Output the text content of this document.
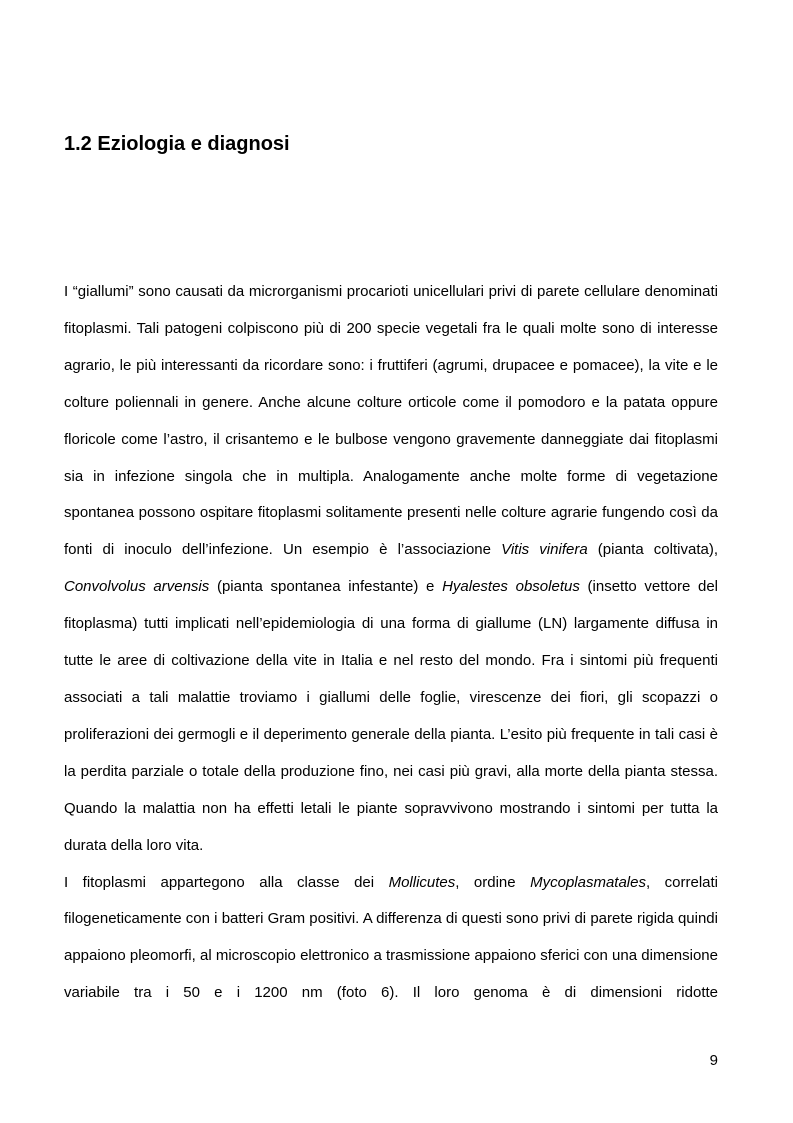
1.2 Eziologia e diagnosi

I “giallumi” sono causati da microrganismi procarioti unicellulari privi di parete cellulare denominati fitoplasmi. Tali patogeni colpiscono più di 200 specie vegetali fra le quali molte sono di interesse agrario, le più interessanti da ricordare sono: i fruttiferi (agrumi, drupacee e pomacee), la vite e le colture poliennali in genere. Anche alcune colture orticole come il pomodoro e la patata oppure floricole come l’astro, il crisantemo e le bulbose vengono gravemente danneggiate dai fitoplasmi sia in infezione singola che in multipla. Analogamente anche molte forme di vegetazione spontanea possono ospitare fitoplasmi solitamente presenti nelle colture agrarie fungendo così da fonti di inoculo dell’infezione. Un esempio è l’associazione Vitis vinifera (pianta coltivata), Convolvolus arvensis (pianta spontanea infestante) e Hyalestes obsoletus (insetto vettore del fitoplasma) tutti implicati nell’epidemiologia di una forma di giallume (LN) largamente diffusa in tutte le aree di coltivazione della vite in Italia e nel resto del mondo. Fra i sintomi più frequenti associati a tali malattie troviamo i giallumi delle foglie, virescenze dei fiori, gli scopazzi o proliferazioni dei germogli e il deperimento generale della pianta. L’esito più frequente in tali casi è la perdita parziale o totale della produzione fino, nei casi più gravi, alla morte della pianta stessa. Quando la malattia non ha effetti letali le piante sopravvivono mostrando i sintomi per tutta la durata della loro vita.

I fitoplasmi appartegono alla classe dei Mollicutes, ordine Mycoplasmatales, correlati filogeneticamente con i batteri Gram positivi. A differenza di questi sono privi di parete rigida quindi appaiono pleomorfi, al microscopio elettronico a trasmissione appaiono sferici con una dimensione variabile tra i 50 e i 1200 nm (foto 6). Il loro genoma è di dimensioni ridotte

9
